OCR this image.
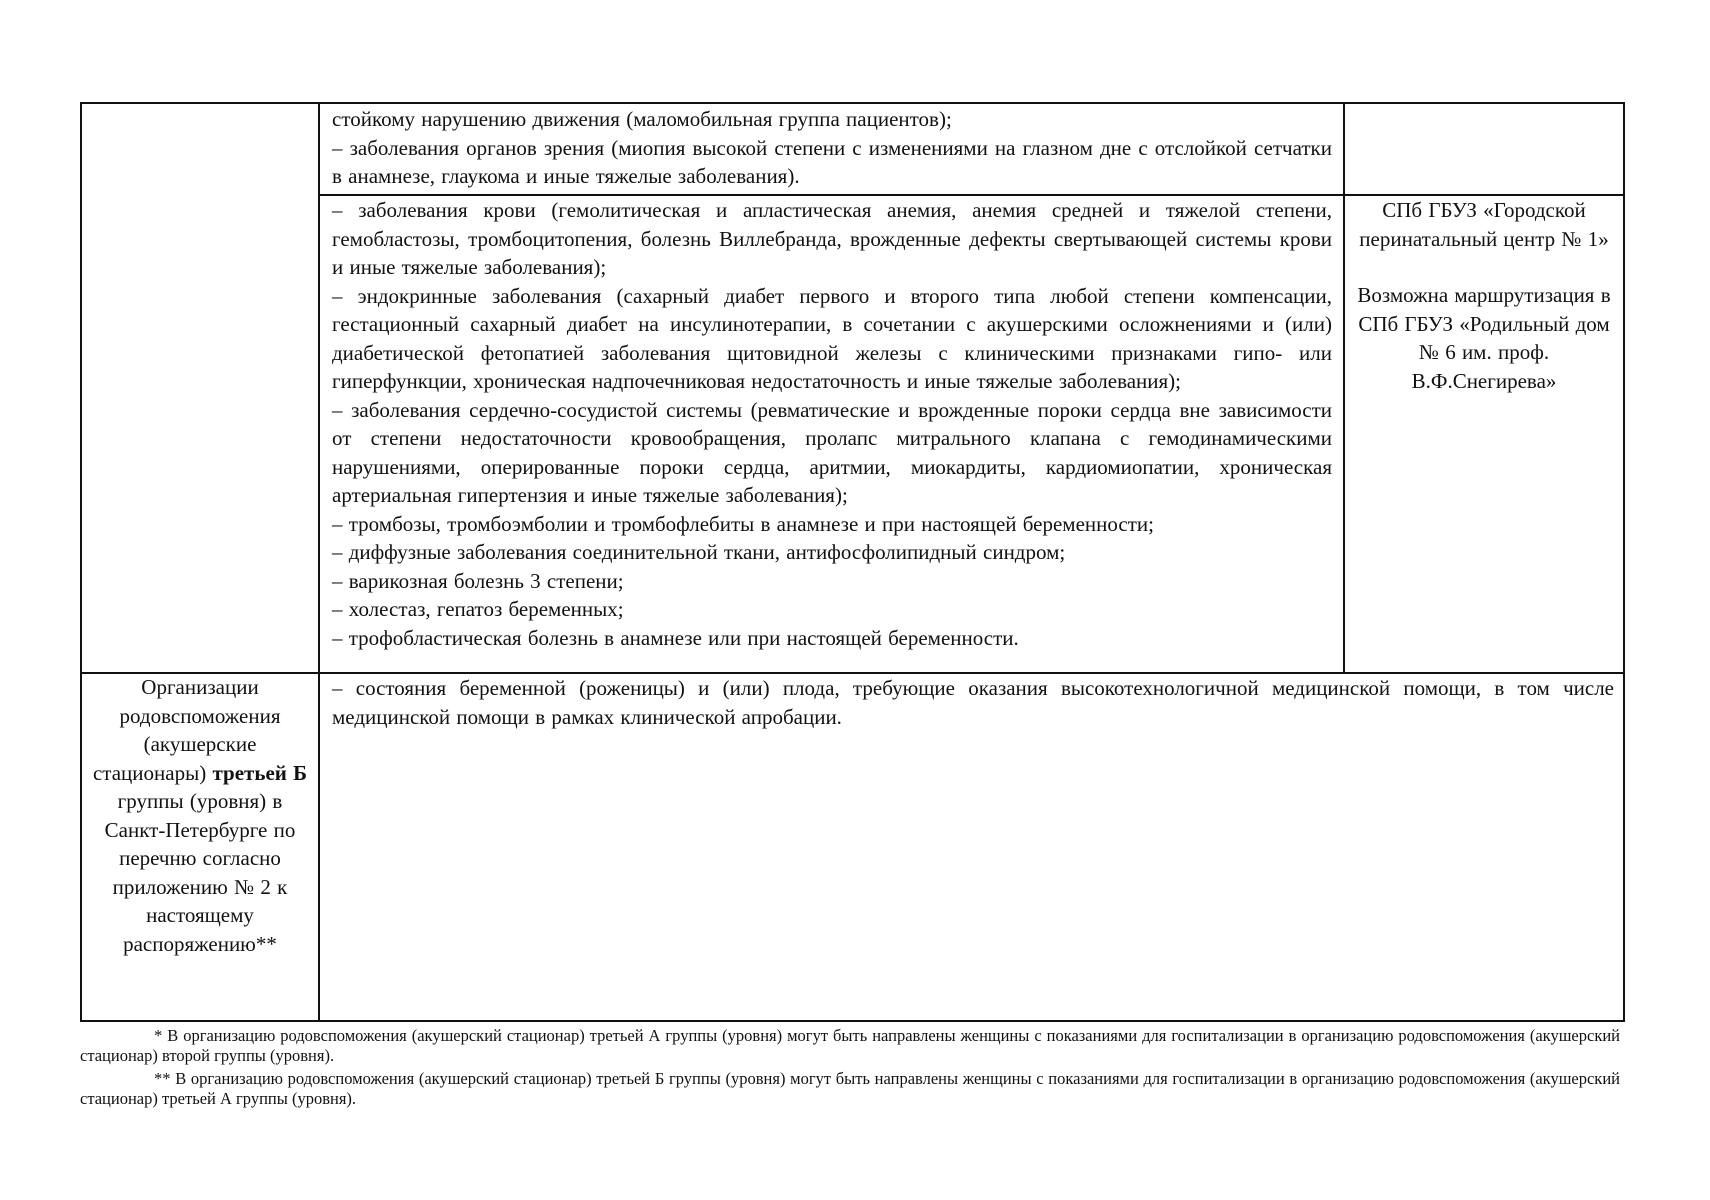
стойкому нарушению движения (маломобильная группа пациентов);

– заболевания органов зрения (миопия высокой степени с изменениями на глазном дне с отслойкой сетчатки в анамнезе, глаукома и иные тяжелые заболевания).

– заболевания крови (гемолитическая и апластическая анемия, анемия средней и тяжелой степени, гемобластозы, тромбоцитопения, болезнь Виллебранда, врожденные дефекты свертывающей системы крови и иные тяжелые заболевания);

– эндокринные заболевания (сахарный диабет первого и второго типа любой степени компенсации, гестационный сахарный диабет на инсулинотерапии, в сочетании с акушерскими осложнениями и (или) диабетической фетопатией заболевания щитовидной железы с клиническими признаками гипо- или гиперфункции, хроническая надпочечниковая недостаточность и иные тяжелые заболевания);

– заболевания сердечно-сосудистой системы (ревматические и врожденные пороки сердца вне зависимости от степени недостаточности кровообращения, пролапс митрального клапана с гемодинамическими нарушениями, оперированные пороки сердца, аритмии, миокардиты, кардиомиопатии, хроническая артериальная гипертензия и иные тяжелые заболевания);

– тромбозы, тромбоэмболии и тромбофлебиты в анамнезе и при настоящей беременности;

– диффузные заболевания соединительной ткани, антифосфолипидный синдром;

– варикозная болезнь 3 степени;

– холестаз, гепатоз беременных;

– трофобластическая болезнь в анамнезе или при настоящей беременности.

СПб ГБУЗ «Городской перинатальный центр № 1»

Возможна маршрутизация в СПб ГБУЗ «Родильный дом № 6 им. проф. В.Ф.Снегирева»

Организации родовспоможения (акушерские стационары) третьей Б группы (уровня) в Санкт-Петербурге по перечню согласно приложению № 2 к настоящему распоряжению**

– состояния беременной (роженицы) и (или) плода, требующие оказания высокотехнологичной медицинской помощи, в том числе медицинской помощи в рамках клинической апробации.

* В организацию родовспоможения (акушерский стационар) третьей А группы (уровня) могут быть направлены женщины с показаниями для госпитализации в организацию родовспоможения (акушерский стационар) второй группы (уровня).

** В организацию родовспоможения (акушерский стационар) третьей Б группы (уровня) могут быть направлены женщины с показаниями для госпитализации в организацию родовспоможения (акушерский стационар) третьей А группы (уровня).
